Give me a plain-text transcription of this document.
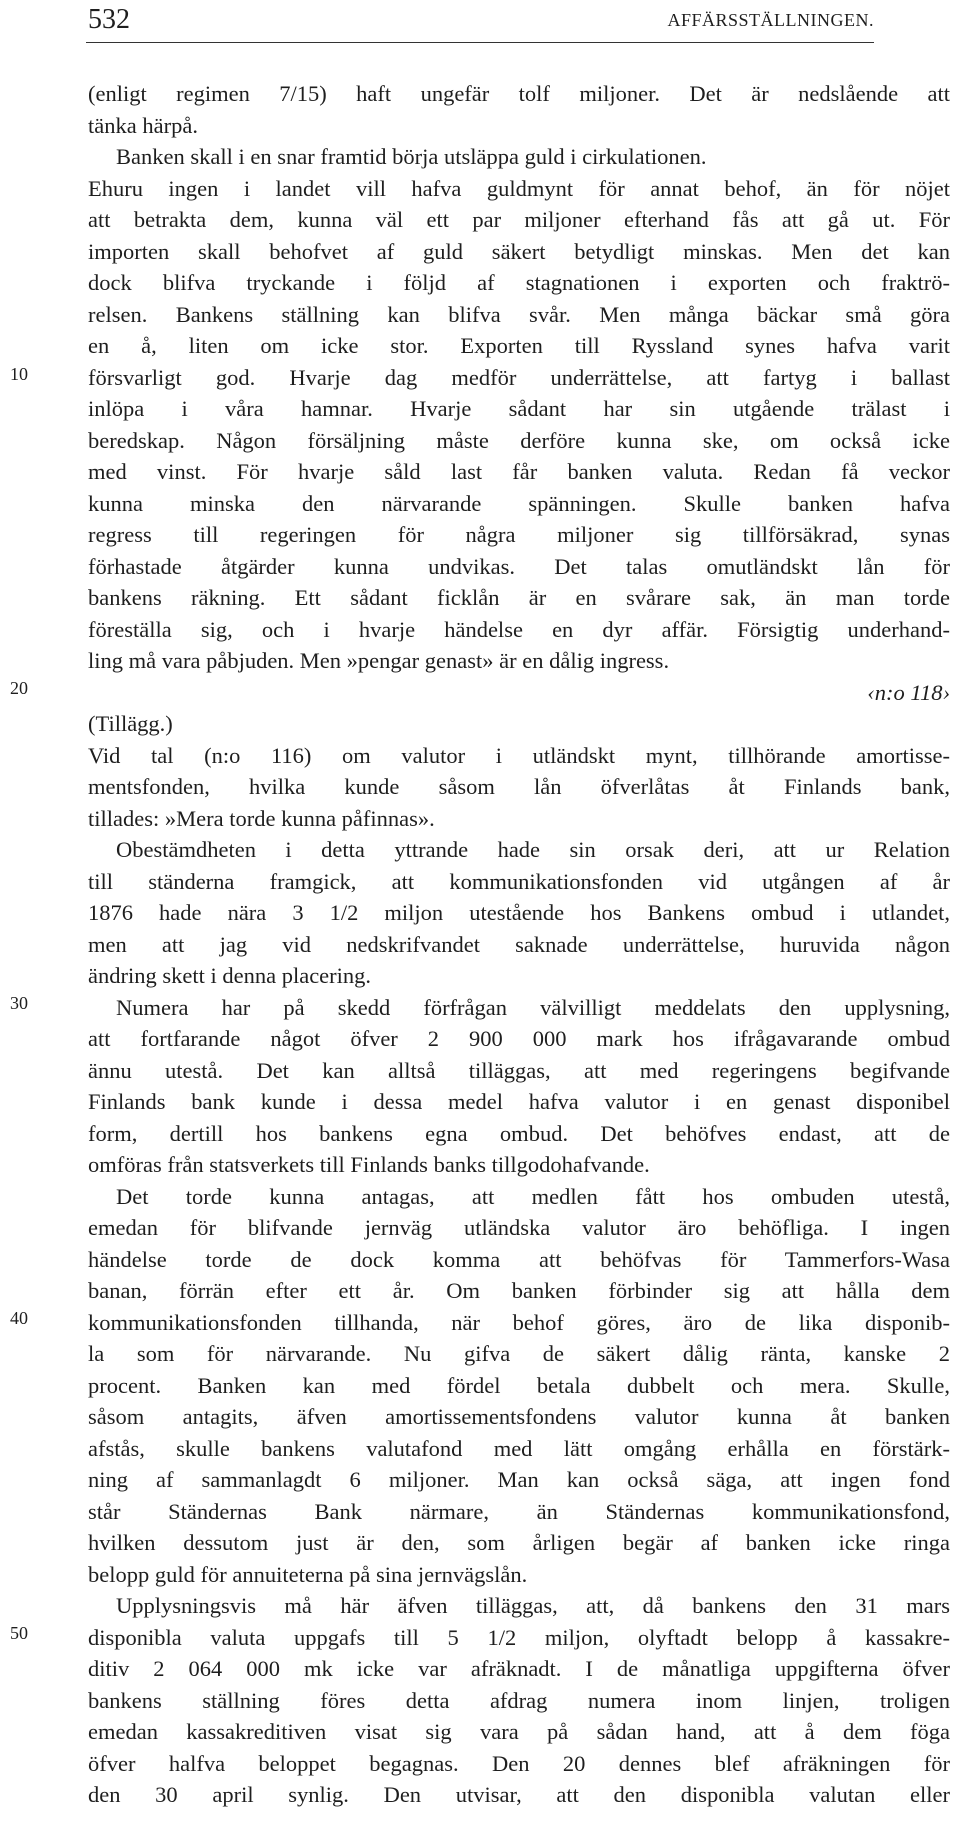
532	AFFÄRSSTÄLLNINGEN.
10
20
30
40
50
(enligt regimen 7/15) haft ungefär tolf miljoner. Det är nedslående att
tänka härpå.
Banken skall i en snar framtid börja utsläppa guld i cirkulationen.
Ehuru ingen i landet vill hafva guldmynt för annat behof, än för nöjet
att betrakta dem, kunna väl ett par miljoner efterhand fås att gå ut. För
importen skall behofvet af guld säkert betydligt minskas. Men det kan
dock blifva tryckande i följd af stagnationen i exporten och fraktrö-
relsen. Bankens ställning kan blifva svår. Men många bäckar små göra
en å, liten om icke stor. Exporten till Ryssland synes hafva varit
försvarligt god. Hvarje dag medför underrättelse, att fartyg i ballast
inlöpa i våra hamnar. Hvarje sådant har sin utgående trälast i
beredskap. Någon försäljning måste derföre kunna ske, om också icke
med vinst. För hvarje såld last får banken valuta. Redan få veckor
kunna minska den närvarande spänningen. Skulle banken hafva
regress till regeringen för några miljoner sig tillförsäkrad, synas
förhastade åtgärder kunna undvikas. Det talas omutländskt lån för
bankens räkning. Ett sådant ficklån är en svårare sak, än man torde
föreställa sig, och i hvarje händelse en dyr affär. Försigtig underhand-
ling må vara påbjuden. Men »pengar genast» är en dålig ingress.
‹n:o 118›
(Tillägg.)
Vid tal (n:o 116) om valutor i utländskt mynt, tillhörande amortisse-
mentsfonden, hvilka kunde såsom lån öfverlåtas åt Finlands bank,
tillades: »Mera torde kunna påfinnas».
Obestämdheten i detta yttrande hade sin orsak deri, att ur Relation
till ständerna framgick, att kommunikationsfonden vid utgången af år
1876 hade nära 3 1/2 miljon utestående hos Bankens ombud i utlandet,
men att jag vid nedskrifvandet saknade underrättelse, huruvida någon
ändring skett i denna placering.
Numera har på skedd förfrågan välvilligt meddelats den upplysning,
att fortfarande något öfver 2 900 000 mark hos ifrågavarande ombud
ännu utestå. Det kan alltså tilläggas, att med regeringens begifvande
Finlands bank kunde i dessa medel hafva valutor i en genast disponibel
form, dertill hos bankens egna ombud. Det behöfves endast, att de
omföras från statsverkets till Finlands banks tillgodohafvande.
Det torde kunna antagas, att medlen fått hos ombuden utestå,
emedan för blifvande jernväg utländska valutor äro behöfliga. I ingen
händelse torde de dock komma att behöfvas för Tammerfors-Wasa
banan, förrän efter ett år. Om banken förbinder sig att hålla dem
kommunikationsfonden tillhanda, när behof göres, äro de lika disponib-
la som för närvarande. Nu gifva de säkert dålig ränta, kanske 2
procent. Banken kan med fördel betala dubbelt och mera. Skulle,
såsom antagits, äfven amortissementsfondens valutor kunna åt banken
afstås, skulle bankens valutafond med lätt omgång erhålla en förstärk-
ning af sammanlagdt 6 miljoner. Man kan också säga, att ingen fond
står Ständernas Bank närmare, än Ständernas kommunikationsfond,
hvilken dessutom just är den, som årligen begär af banken icke ringa
belopp guld för annuiteterna på sina jernvägslån.
Upplysningsvis må här äfven tilläggas, att, då bankens den 31 mars
disponibla valuta uppgafs till 5 1/2 miljon, olyftadt belopp å kassakre-
ditiv 2 064 000 mk icke var afräknadt. I de månatliga uppgifterna öfver
bankens ställning föres detta afdrag numera inom linjen, troligen
emedan kassakreditiven visat sig vara på sådan hand, att å dem föga
öfver halfva beloppet begagnas. Den 20 dennes blef afräkningen för
den 30 april synlig. Den utvisar, att den disponibla valutan eller
